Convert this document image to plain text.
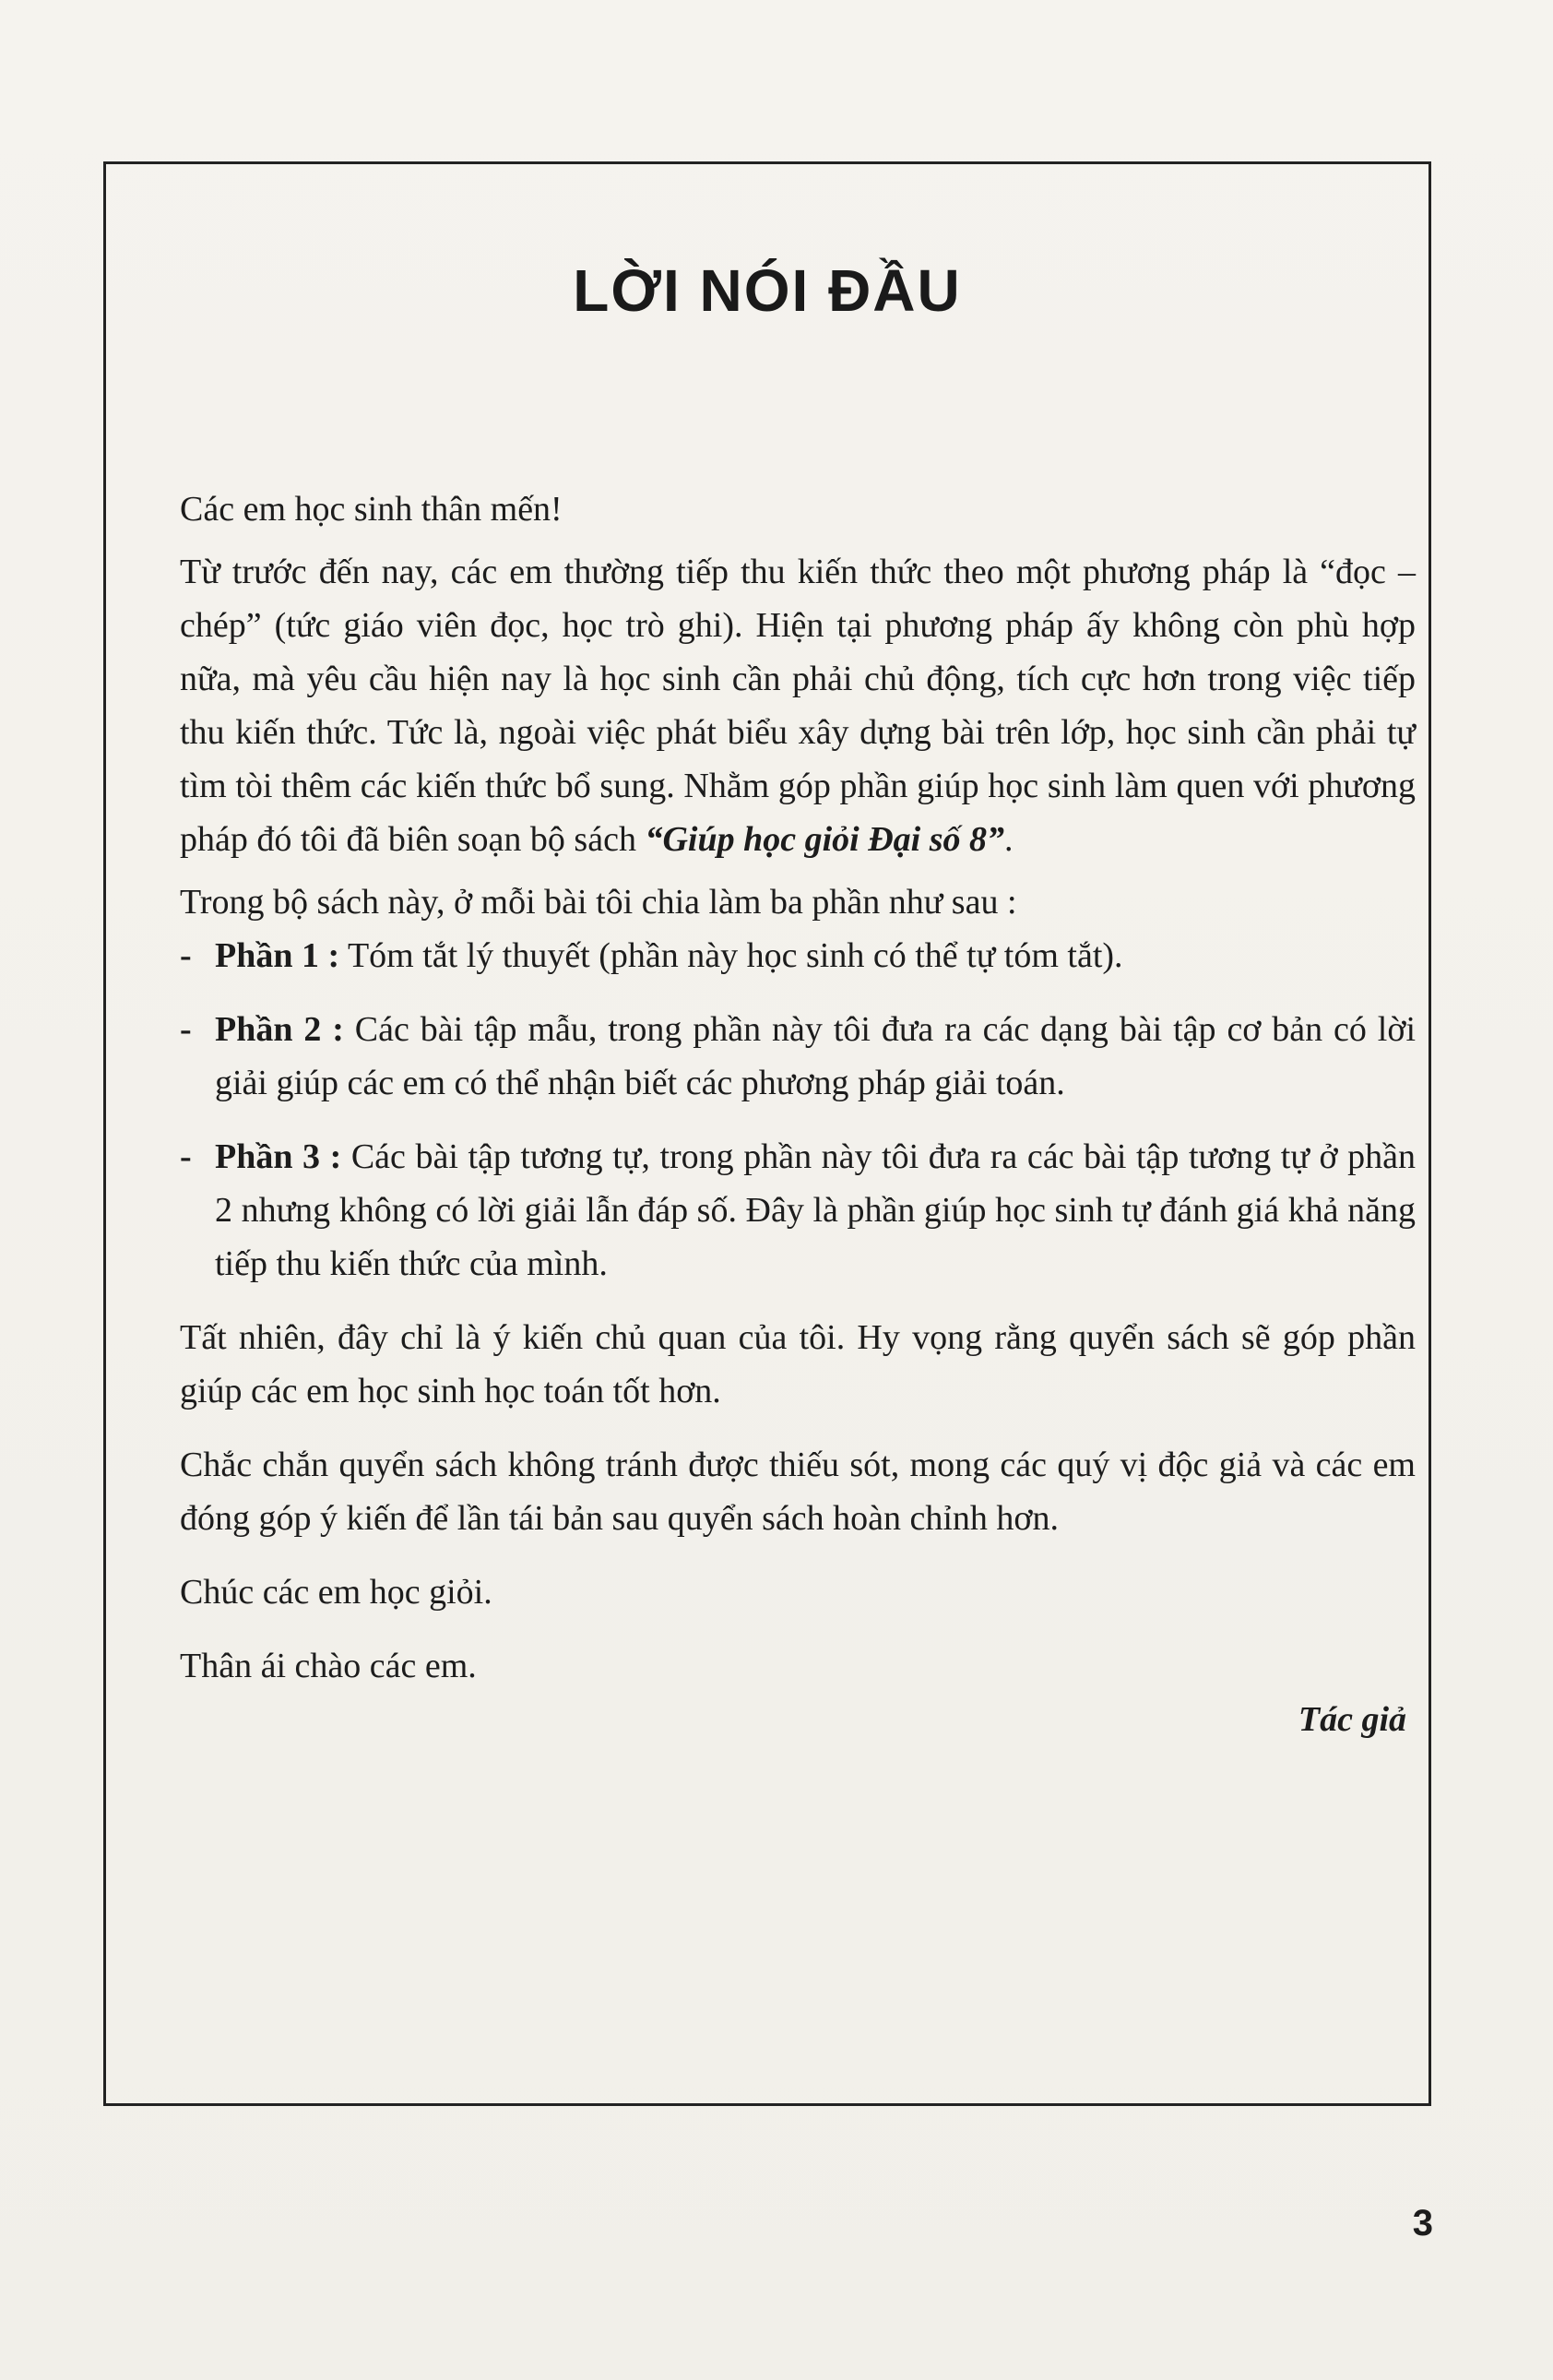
LỜI NÓI ĐẦU

Các em học sinh thân mến!

Từ trước đến nay, các em thường tiếp thu kiến thức theo một phương pháp là “đọc – chép” (tức giáo viên đọc, học trò ghi). Hiện tại phương pháp ấy không còn phù hợp nữa, mà yêu cầu hiện nay là học sinh cần phải chủ động, tích cực hơn trong việc tiếp thu kiến thức. Tức là, ngoài việc phát biểu xây dựng bài trên lớp, học sinh cần phải tự tìm tòi thêm các kiến thức bổ sung. Nhằm góp phần giúp học sinh làm quen với phương pháp đó tôi đã biên soạn bộ sách “Giúp học giỏi Đại số 8”.

Trong bộ sách này, ở mỗi bài tôi chia làm ba phần như sau :

- Phần 1 : Tóm tắt lý thuyết (phần này học sinh có thể tự tóm tắt).
- Phần 2 : Các bài tập mẫu, trong phần này tôi đưa ra các dạng bài tập cơ bản có lời giải giúp các em có thể nhận biết các phương pháp giải toán.
- Phần 3 : Các bài tập tương tự, trong phần này tôi đưa ra các bài tập tương tự ở phần 2 nhưng không có lời giải lẫn đáp số. Đây là phần giúp học sinh tự đánh giá khả năng tiếp thu kiến thức của mình.

Tất nhiên, đây chỉ là ý kiến chủ quan của tôi. Hy vọng rằng quyển sách sẽ góp phần giúp các em học sinh học toán tốt hơn.

Chắc chắn quyển sách không tránh được thiếu sót, mong các quý vị độc giả và các em đóng góp ý kiến để lần tái bản sau quyển sách hoàn chỉnh hơn.

Chúc các em học giỏi.

Thân ái chào các em.

Tác giả

3
